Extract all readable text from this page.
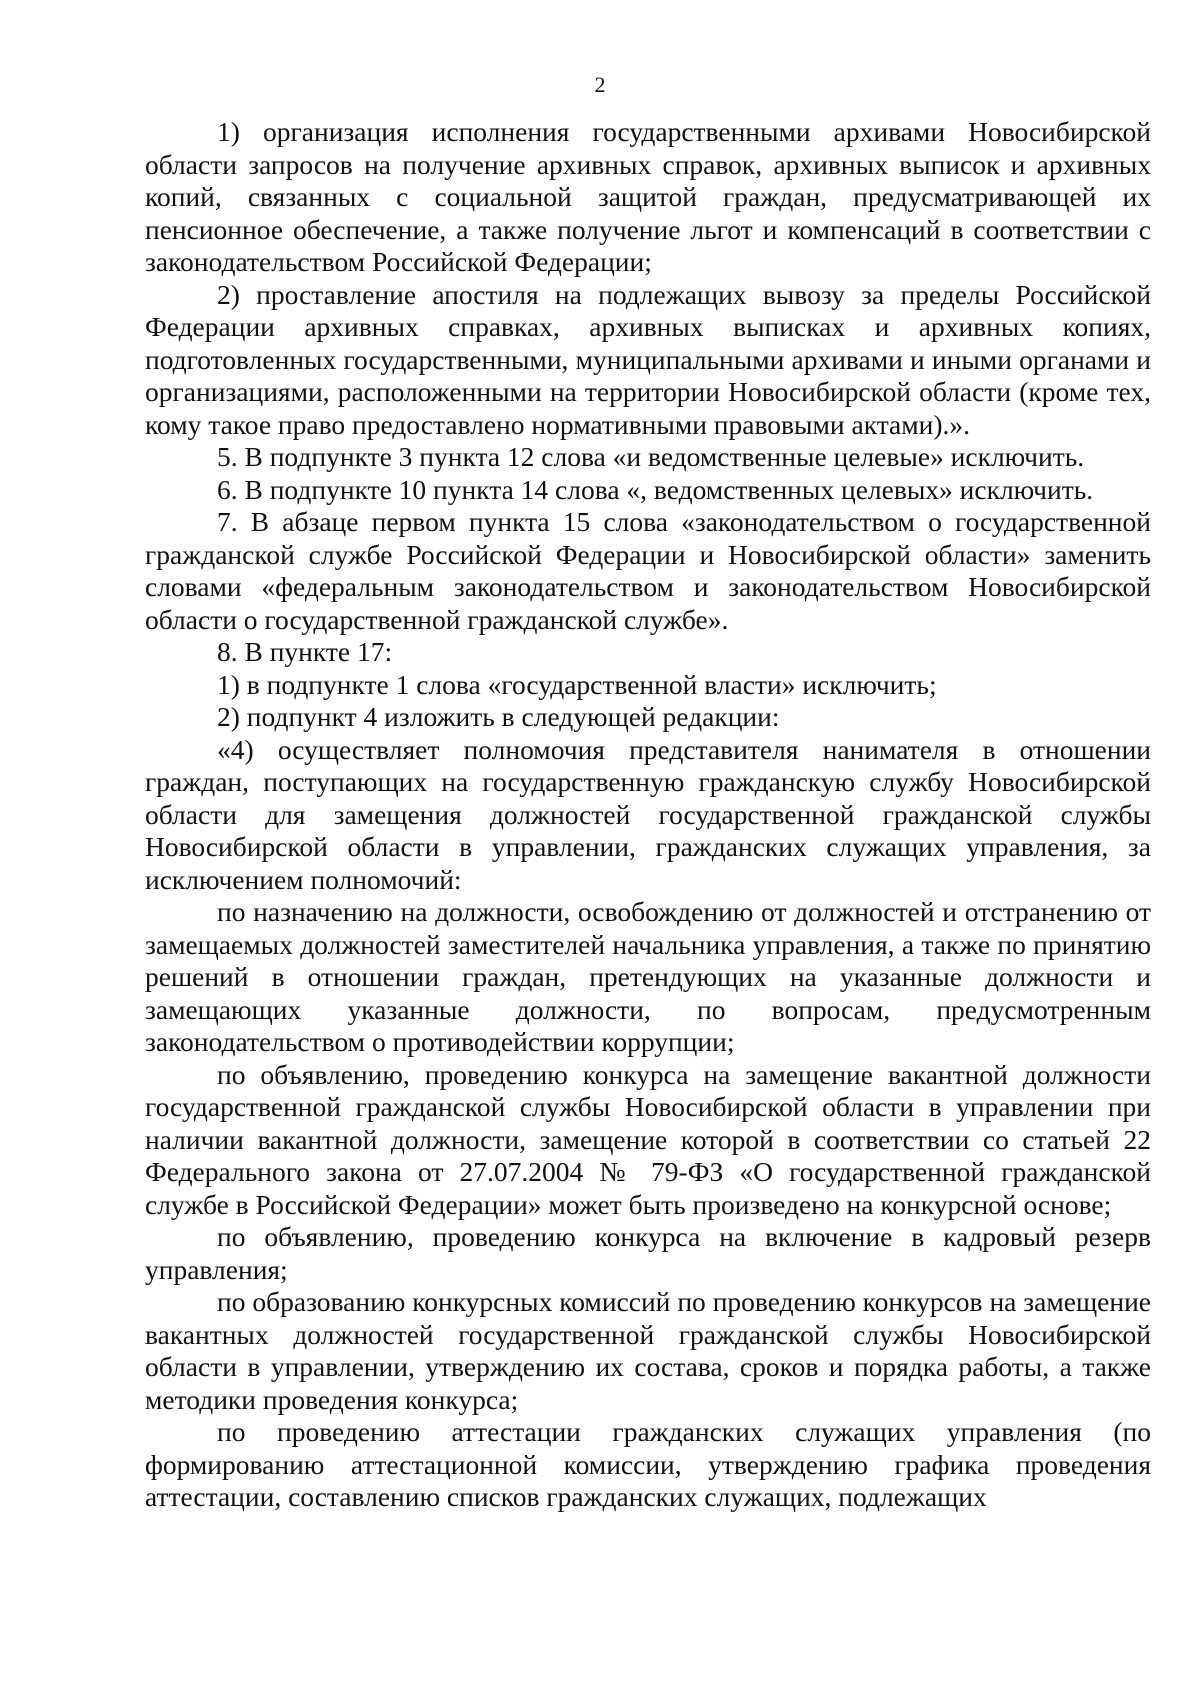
2

1) организация исполнения государственными архивами Новосибирской области запросов на получение архивных справок, архивных выписок и архивных копий, связанных с социальной защитой граждан, предусматривающей их пенсионное обеспечение, а также получение льгот и компенсаций в соответствии с законодательством Российской Федерации;

2) проставление апостиля на подлежащих вывозу за пределы Российской Федерации архивных справках, архивных выписках и архивных копиях, подготовленных государственными, муниципальными архивами и иными органами и организациями, расположенными на территории Новосибирской области (кроме тех, кому такое право предоставлено нормативными правовыми актами).».

5. В подпункте 3 пункта 12 слова «и ведомственные целевые» исключить.

6. В подпункте 10 пункта 14 слова «, ведомственных целевых» исключить.

7. В абзаце первом пункта 15 слова «законодательством о государственной гражданской службе Российской Федерации и Новосибирской области» заменить словами «федеральным законодательством и законодательством Новосибирской области о государственной гражданской службе».

8. В пункте 17:

1) в подпункте 1 слова «государственной власти» исключить;

2) подпункт 4 изложить в следующей редакции:

«4) осуществляет полномочия представителя нанимателя в отношении граждан, поступающих на государственную гражданскую службу Новосибирской области для замещения должностей государственной гражданской службы Новосибирской области в управлении, гражданских служащих управления, за исключением полномочий:

по назначению на должности, освобождению от должностей и отстранению от замещаемых должностей заместителей начальника управления, а также по принятию решений в отношении граждан, претендующих на указанные должности и замещающих указанные должности, по вопросам, предусмотренным законодательством о противодействии коррупции;

по объявлению, проведению конкурса на замещение вакантной должности государственной гражданской службы Новосибирской области в управлении при наличии вакантной должности, замещение которой в соответствии со статьей 22 Федерального закона от 27.07.2004 № 79-ФЗ «О государственной гражданской службе в Российской Федерации» может быть произведено на конкурсной основе;

по объявлению, проведению конкурса на включение в кадровый резерв управления;

по образованию конкурсных комиссий по проведению конкурсов на замещение вакантных должностей государственной гражданской службы Новосибирской области в управлении, утверждению их состава, сроков и порядка работы, а также методики проведения конкурса;

по проведению аттестации гражданских служащих управления (по формированию аттестационной комиссии, утверждению графика проведения аттестации, составлению списков гражданских служащих, подлежащих
